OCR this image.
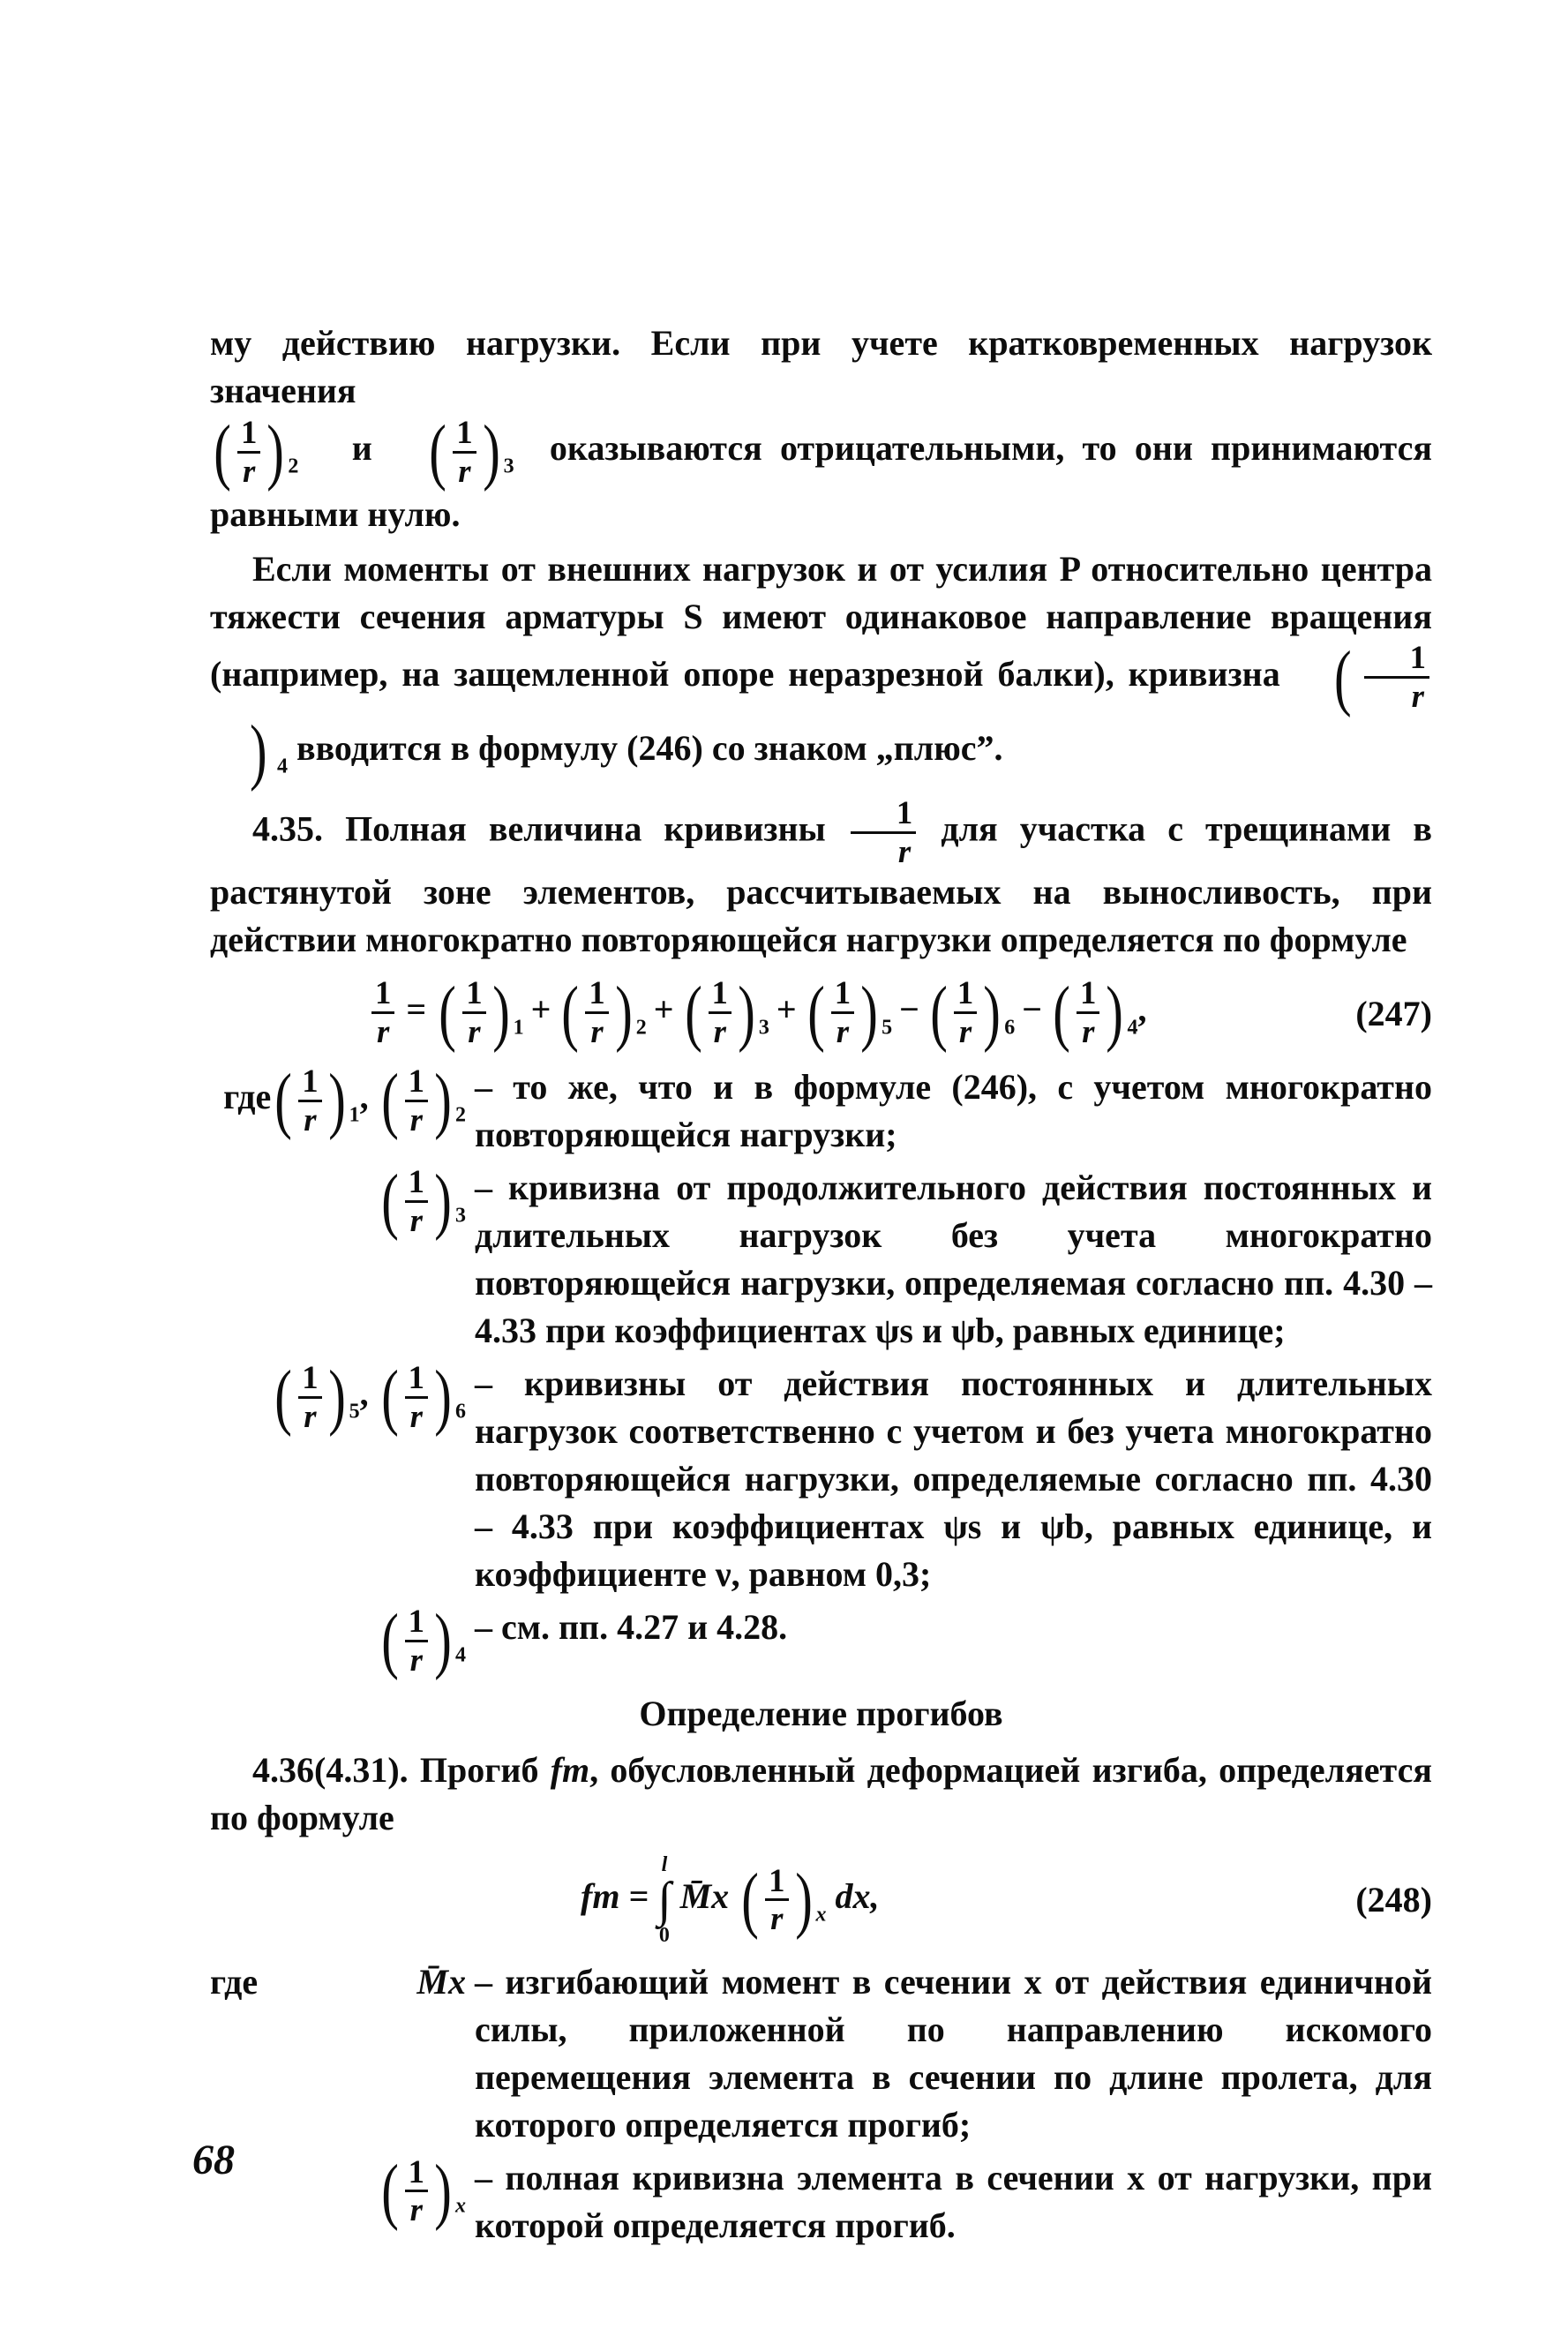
му действию нагрузки. Если при учете кратковременных нагрузок значения
( $\frac{1}{r}$ ) $_2$ и ( $\frac{1}{r}$ ) $_3$ оказываются отрицательными, то они принимаются равными нулю.

Если моменты от внешних нагрузок и от усилия P относительно центра тяжести сечения арматуры S имеют одинаковое направление вращения (например, на защемленной опоре неразрезной балки), кривизна ( $\frac{1}{r}$
) $_4$ вводится в формулу (246) со знаком „плюс”.

4.35. Полная величина кривизны $\frac{1}{r}$ для участка с трещинами в растянутой зоне элементов, рассчитываемых на выносливость, при действии многократно повторяющейся нагрузки определяется по формуле

$\frac{1}{r}$ = ( $\frac{1}{r}$ ) $_1$ + ( $\frac{1}{r}$ ) $_2$ + ( $\frac{1}{r}$ ) $_3$ + ( $\frac{1}{r}$ ) $_5$ − ( $\frac{1}{r}$ ) $_6$ − ( $\frac{1}{r}$ ) $_4$,	(247)
$где( \frac{1}{r}$ ) $_1$, ( $\frac{1}{r}$ ) $_2$
– то же, что и в формуле (246), с учетом многократно повторяющейся нагрузки;
( $\frac{1}{r}$ ) $_3$
– кривизна от продолжительного действия постоянных и длительных нагрузок без учета многократно повторяющейся нагрузки, определяемая согласно пп. 4.30 – 4.33 при коэффициентах ψs и ψb, равных единице;
( $\frac{1}{r}$ ) $_5$, ( $\frac{1}{r}$ ) $_6$
– кривизны от действия постоянных и длительных нагрузок соответственно с учетом и без учета многократно повторяющейся нагрузки, определяемые согласно пп. 4.30 – 4.33 при коэффициентах ψs и ψb, равных единице, и коэффициенте ν, равном 0,3;
( $\frac{1}{r}$ ) $_4$
– см. пп. 4.27 и 4.28.
Определение прогибов

4.36(4.31). Прогиб fm, обусловленный деформацией изгиба, определяется по формуле

fm =
l
∫
0
M̄x ( $\frac{1}{r}$ ) $_x$ dx,	(248)
где	M̄x – изгибающий момент в сечении x от действия единичной силы, приложенной по направлению искомого перемещения элемента в сечении по длине пролета, для которого определяется прогиб;
( $\frac{1}{r}$ ) $_x$
– полная кривизна элемента в сечении x от нагрузки, при которой определяется прогиб.
68
